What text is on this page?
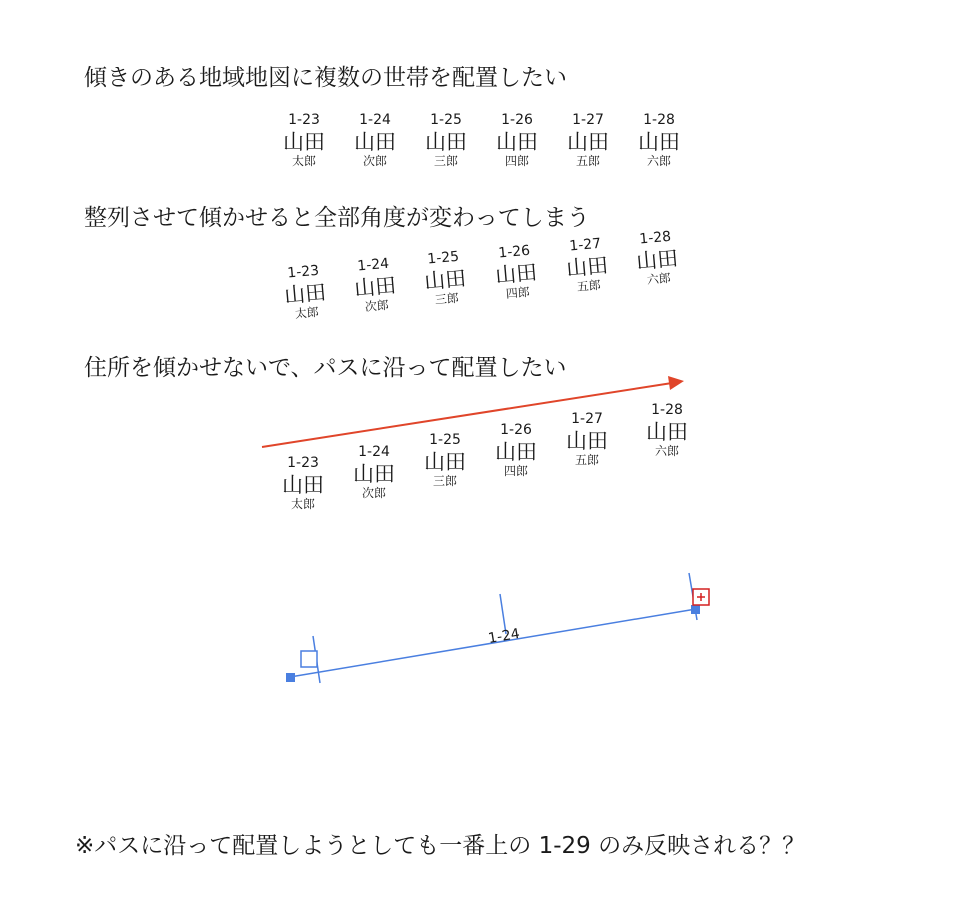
傾きのある地域地図に複数の世帯を配置したい
1-23
山田
太郎
1-24
山田
次郎
1-25
山田
三郎
1-26
山田
四郎
1-27
山田
五郎
1-28
山田
六郎
整列させて傾かせると全部角度が変わってしまう
1-23
山田
太郎
1-24
山田
次郎
1-25
山田
三郎
1-26
山田
四郎
1-27
山田
五郎
1-28
山田
六郎
住所を傾かせないで、パスに沿って配置したい
1-23
山田
太郎
1-24
山田
次郎
1-25
山田
三郎
1-26
山田
四郎
1-27
山田
五郎
1-28
山田
六郎
1-24
※パスに沿って配置しようとしても一番上の 1-29 のみ反映される？？
